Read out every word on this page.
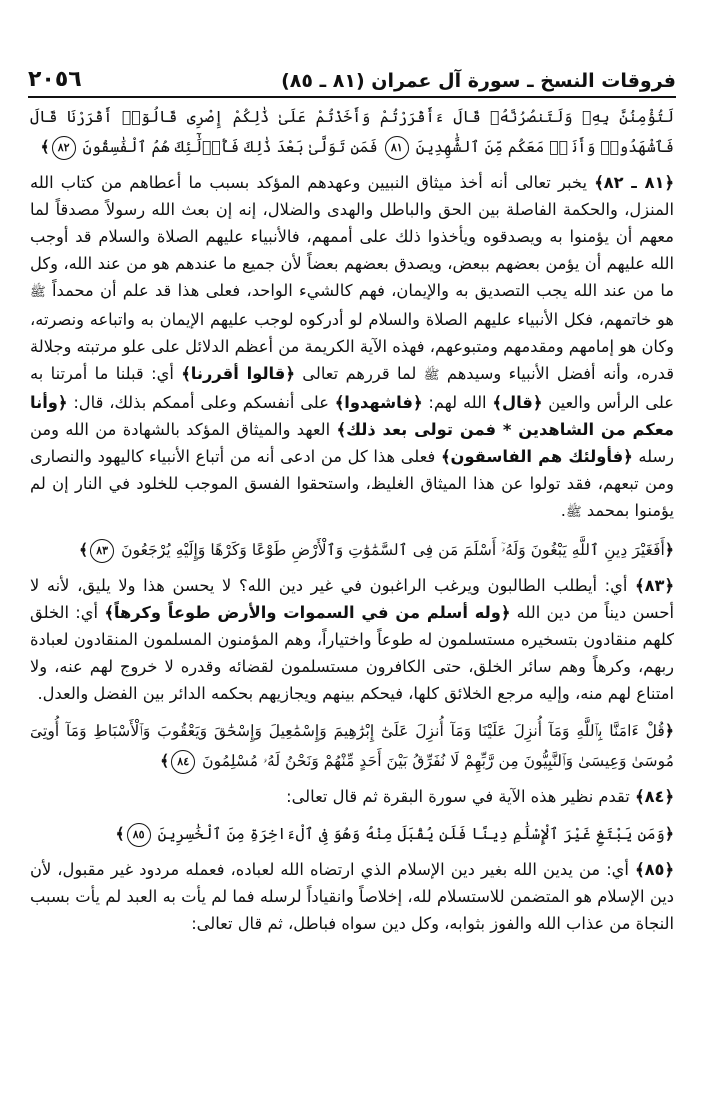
فروقات النسخ ـ سورة آل عمران (٨١ ـ ٨٥)
٢٠٥٦

لَتُؤْمِنُنَّ بِهِۦ وَلَتَنصُرُنَّهُۥ قَالَ ءَأَقْرَرْتُمْ وَأَخَذْتُمْ عَلَىٰ ذَٰلِكُمْ إِصْرِى قَالُوٓا۟ أَقْرَرْنَا قَالَ فَٱشْهَدُوا۟ وَأَنَا۠ مَعَكُم مِّنَ ٱلشَّٰهِدِينَ ٨١ فَمَن تَوَلَّىٰ بَعْدَ ذَٰلِكَ فَأُو۟لَٰٓئِكَ هُمُ ٱلْفَٰسِقُونَ ٨٢﴾

﴿٨١ ـ ٨٢﴾ يخبر تعالى أنه أخذ ميثاق النبيين وعهدهم المؤكد بسبب ما أعطاهم من كتاب الله المنزل، والحكمة الفاصلة بين الحق والباطل والهدى والضلال، إنه إن بعث الله رسولاً مصدقاً لما معهم أن يؤمنوا به ويصدقوه ويأخذوا ذلك على أممهم، فالأنبياء عليهم الصلاة والسلام قد أوجب الله عليهم أن يؤمن بعضهم ببعض، ويصدق بعضهم بعضاً لأن جميع ما عندهم هو من عند الله، وكل ما من عند الله يجب التصديق به والإيمان، فهم كالشيء الواحد، فعلى هذا قد علم أن محمداً ﷺ هو خاتمهم، فكل الأنبياء عليهم الصلاة والسلام لو أدركوه لوجب عليهم الإيمان به واتباعه ونصرته، وكان هو إمامهم ومقدمهم ومتبوعهم، فهذه الآية الكريمة من أعظم الدلائل على علو مرتبته وجلالة قدره، وأنه أفضل الأنبياء وسيدهم ﷺ لما قررهم تعالى ﴿قالوا أقررنا﴾ أي: قبلنا ما أمرتنا به على الرأس والعين ﴿قال﴾ الله لهم: ﴿فاشهدوا﴾ على أنفسكم وعلى أممكم بذلك، قال: ﴿وأنا معكم من الشاهدين * فمن تولى بعد ذلك﴾ العهد والميثاق المؤكد بالشهادة من الله ومن رسله ﴿فأولئك هم الفاسقون﴾ فعلى هذا كل من ادعى أنه من أتباع الأنبياء كاليهود والنصارى ومن تبعهم، فقد تولوا عن هذا الميثاق الغليظ، واستحقوا الفسق الموجب للخلود في النار إن لم يؤمنوا بمحمد ﷺ.

﴿أَفَغَيْرَ دِينِ ٱللَّهِ يَبْغُونَ وَلَهُۥٓ أَسْلَمَ مَن فِى ٱلسَّمَٰوَٰتِ وَٱلْأَرْضِ طَوْعًا وَكَرْهًا وَإِلَيْهِ يُرْجَعُونَ ٨٣﴾

﴿٨٣﴾ أي: أيطلب الطالبون ويرغب الراغبون في غير دين الله؟ لا يحسن هذا ولا يليق، لأنه لا أحسن ديناً من دين الله ﴿وله أسلم من في السموات والأرض طوعاً وكرهاً﴾ أي: الخلق كلهم منقادون بتسخيره مستسلمون له طوعاً واختياراً، وهم المؤمنون المسلمون المنقادون لعبادة ربهم، وكرهاً وهم سائر الخلق، حتى الكافرون مستسلمون لقضائه وقدره لا خروج لهم عنه، ولا امتناع لهم منه، وإليه مرجع الخلائق كلها، فيحكم بينهم ويجازيهم بحكمه الدائر بين الفضل والعدل.

﴿قُلْ ءَامَنَّا بِٱللَّهِ وَمَآ أُنزِلَ عَلَيْنَا وَمَآ أُنزِلَ عَلَىٰٓ إِبْرَٰهِيمَ وَإِسْمَٰعِيلَ وَإِسْحَٰقَ وَيَعْقُوبَ وَٱلْأَسْبَاطِ وَمَآ أُوتِىَ مُوسَىٰ وَعِيسَىٰ وَٱلنَّبِيُّونَ مِن رَّبِّهِمْ لَا نُفَرِّقُ بَيْنَ أَحَدٍ مِّنْهُمْ وَنَحْنُ لَهُۥ مُسْلِمُونَ ٨٤﴾

﴿٨٤﴾ تقدم نظير هذه الآية في سورة البقرة ثم قال تعالى:

﴿وَمَن يَبْتَغِ غَيْرَ ٱلْإِسْلَٰمِ دِينًا فَلَن يُقْبَلَ مِنْهُ وَهُوَ فِى ٱلْءَاخِرَةِ مِنَ ٱلْخَٰسِرِينَ ٨٥﴾

﴿٨٥﴾ أي: من يدين الله بغير دين الإسلام الذي ارتضاه الله لعباده، فعمله مردود غير مقبول، لأن دين الإسلام هو المتضمن للاستسلام لله، إخلاصاً وانقياداً لرسله فما لم يأت به العبد لم يأت بسبب النجاة من عذاب الله والفوز بثوابه، وكل دين سواه فباطل، ثم قال تعالى:
